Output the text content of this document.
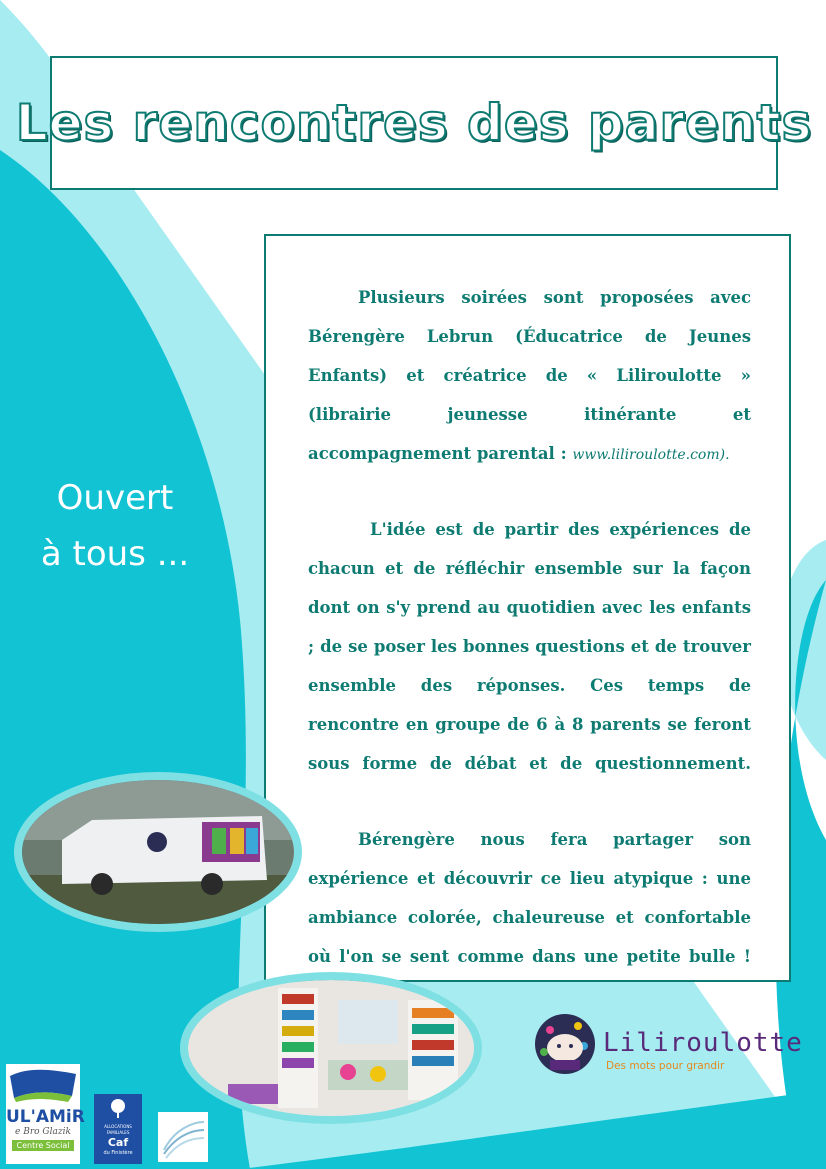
Les rencontres des parents
Ouvert
à tous ...
Plusieurs soirées sont proposées avec Bérengère Lebrun (Éducatrice de Jeunes Enfants) et créatrice de « Liliroulotte » (librairie jeunesse itinérante et accompagnement parental : www.liliroulotte.com).
L'idée est de partir des expériences de chacun et de réfléchir ensemble sur la façon dont on s'y prend au quotidien avec les enfants ; de se poser les bonnes questions et de trouver ensemble des réponses. Ces temps de rencontre en groupe de 6 à 8 parents se feront sous forme de débat et de questionnement.
Bérengère nous fera partager son expérience et découvrir ce lieu atypique : une ambiance colorée, chaleureuse et confortable où l'on se sent comme dans une petite bulle !
Liliroulotte
Des mots pour grandir
UL'AMiR
e Bro Glazik
Centre Social
ALLOCATIONS FAMILIALES
Caf
du Finistère
